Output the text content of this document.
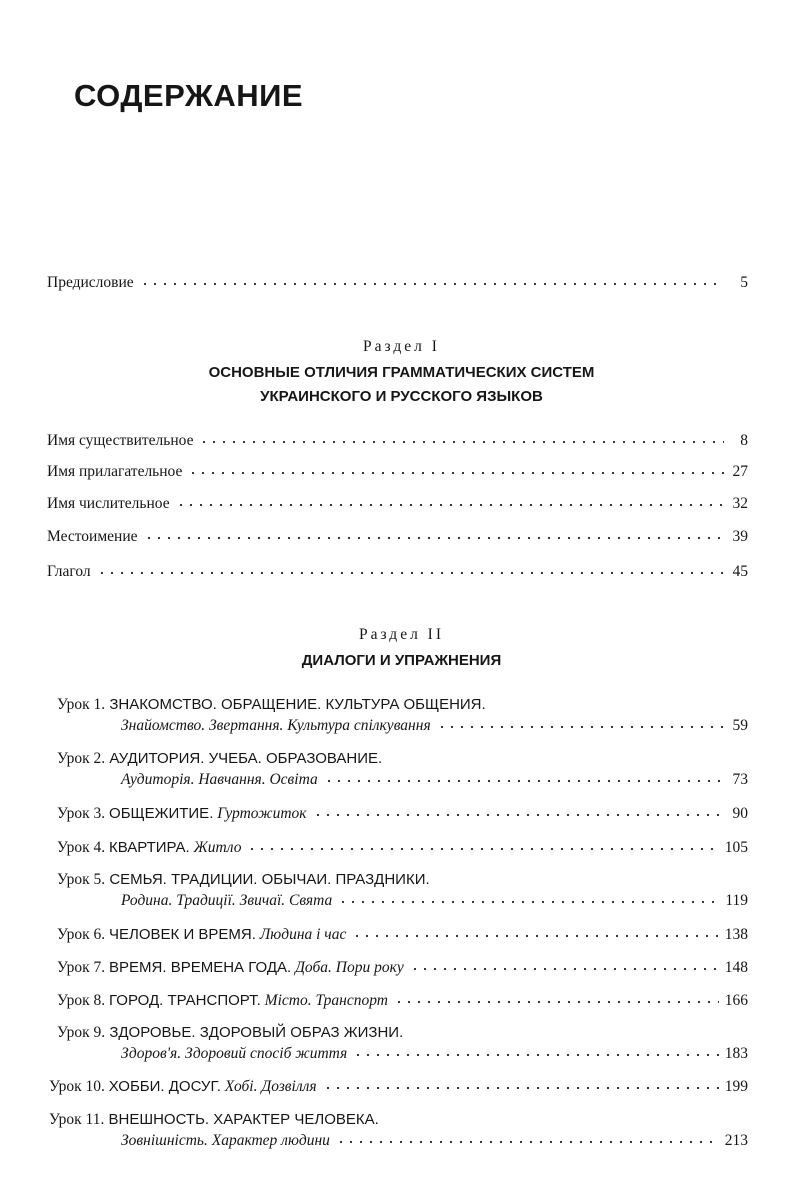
СОДЕРЖАНИЕ
Предисловие	5
Раздел I
ОСНОВНЫЕ ОТЛИЧИЯ ГРАММАТИЧЕСКИХ СИСТЕМ
УКРАИНСКОГО И РУССКОГО ЯЗЫКОВ
Имя существительное	8
Имя прилагательное	27
Имя числительное	32
Местоимение	39
Глагол	45
Раздел II
ДИАЛОГИ И УПРАЖНЕНИЯ
Урок 1. ЗНАКОМСТВО. ОБРАЩЕНИЕ. КУЛЬТУРА ОБЩЕНИЯ.
Знайомство. Звертання. Культура спілкування	59
Урок 2. АУДИТОРИЯ. УЧЕБА. ОБРАЗОВАНИЕ.
Аудиторія. Навчання. Освіта	73
Урок 3. ОБЩЕЖИТИЕ. Гуртожиток	90
Урок 4. КВАРТИРА. Житло	105
Урок 5. СЕМЬЯ. ТРАДИЦИИ. ОБЫЧАИ. ПРАЗДНИКИ.
Родина. Традиції. Звичаї. Свята	119
Урок 6. ЧЕЛОВЕК И ВРЕМЯ. Людина і час	138
Урок 7. ВРЕМЯ. ВРЕМЕНА ГОДА. Доба. Пори року	148
Урок 8. ГОРОД. ТРАНСПОРТ. Місто. Транспорт	166
Урок 9. ЗДОРОВЬЕ. ЗДОРОВЫЙ ОБРАЗ ЖИЗНИ.
Здоров'я. Здоровий спосіб життя	183
Урок 10. ХОББИ. ДОСУГ. Хобі. Дозвілля	199
Урок 11. ВНЕШНОСТЬ. ХАРАКТЕР ЧЕЛОВЕКА.
Зовнішність. Характер людини	213
